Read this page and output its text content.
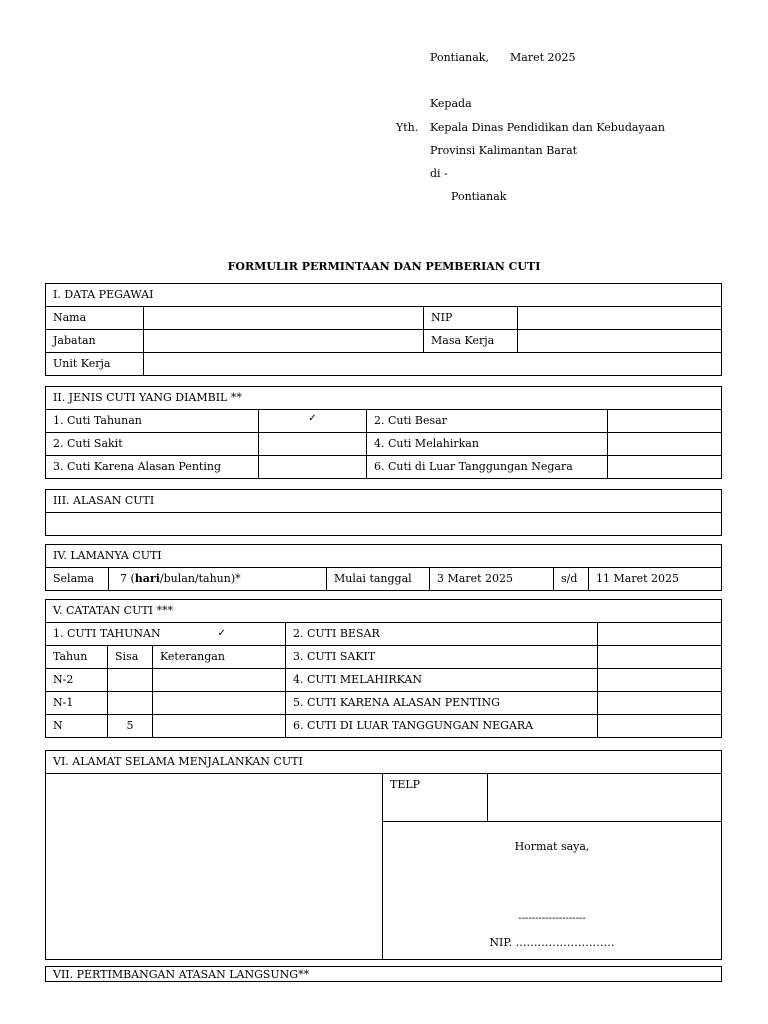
Pontianak, Maret 2025
Kepada
Yth. Kepala Dinas Pendidikan dan Kebudayaan
Provinsi Kalimantan Barat
di -
Pontianak
FORMULIR PERMINTAAN DAN PEMBERIAN CUTI
I. DATA PEGAWAI			
Nama		NIP	
Jabatan		Masa Kerja	
Unit Kerja			
II. JENIS CUTI YANG DIAMBIL **			
1. Cuti Tahunan	✓	2. Cuti Besar	
2. Cuti Sakit		4. Cuti Melahirkan	
3. Cuti Karena Alasan Penting		6. Cuti di Luar Tanggungan Negara	
III. ALASAN CUTI

IV. LAMANYA CUTI
Selama	7 (hari/bulan/tahun)*	Mulai tanggal	3 Maret 2025	s/d	11 Maret 2025
V. CATATAN CUTI ***				
1. CUTI TAHUNAN ✓			2. CUTI BESAR	
Tahun	Sisa	Keterangan	3. CUTI SAKIT	
N-2			4. CUTI MELAHIRKAN	
N-1			5. CUTI KARENA ALASAN PENTING	
N	5		6. CUTI DI LUAR TANGGUNGAN NEGARA	
VI. ALAMAT SELAMA MENJALANKAN CUTI
	TELP	

Hormat saya,
--------------------
NIP. ………………………
VII. PERTIMBANGAN ATASAN LANGSUNG**
